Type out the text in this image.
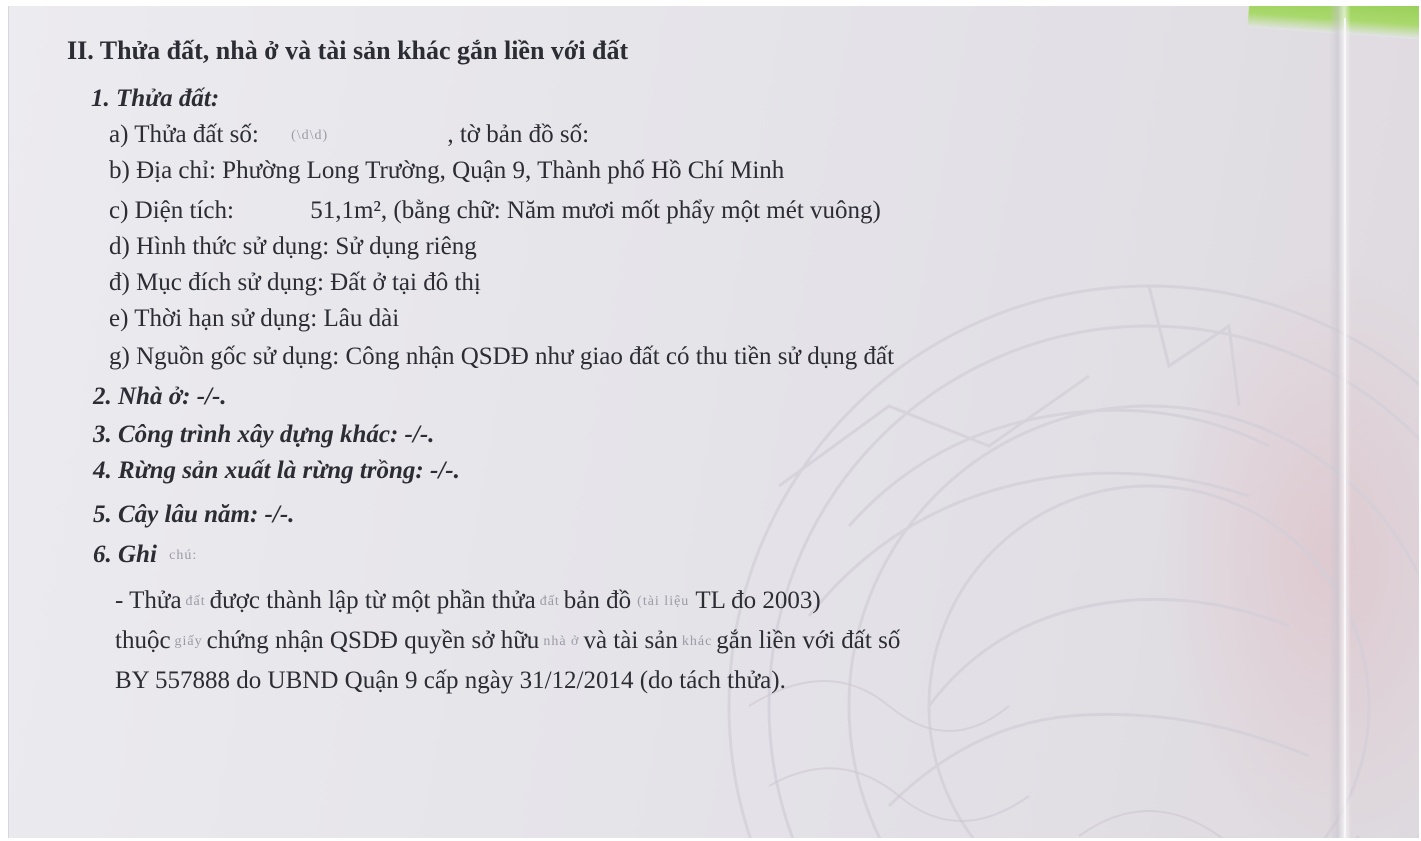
II. Thửa đất, nhà ở và tài sản khác gắn liền với đất
1. Thửa đất:
a) Thửa đất số: (\d\d)	, tờ bản đồ số:
b) Địa chỉ: Phường Long Trường, Quận 9, Thành phố Hồ Chí Minh
c) Diện tích:	51,1m², (bằng chữ: Năm mươi mốt phẩy một mét vuông)
d) Hình thức sử dụng: Sử dụng riêng
đ) Mục đích sử dụng: Đất ở tại đô thị
e) Thời hạn sử dụng: Lâu dài
g) Nguồn gốc sử dụng: Công nhận QSDĐ như giao đất có thu tiền sử dụng đất
2. Nhà ở: -/-.
3. Công trình xây dựng khác: -/-.
4. Rừng sản xuất là rừng trồng: -/-.
5. Cây lâu năm: -/-.
6. Ghi chú:
- Thửa đất được thành lập từ một phần thửa đất bản đồ (tài liệu TL đo 2003)
thuộc giấy chứng nhận QSDĐ quyền sở hữu nhà ở và tài sản khác gắn liền với đất số
BY 557888 do UBND Quận 9 cấp ngày 31/12/2014 (do tách thửa).
